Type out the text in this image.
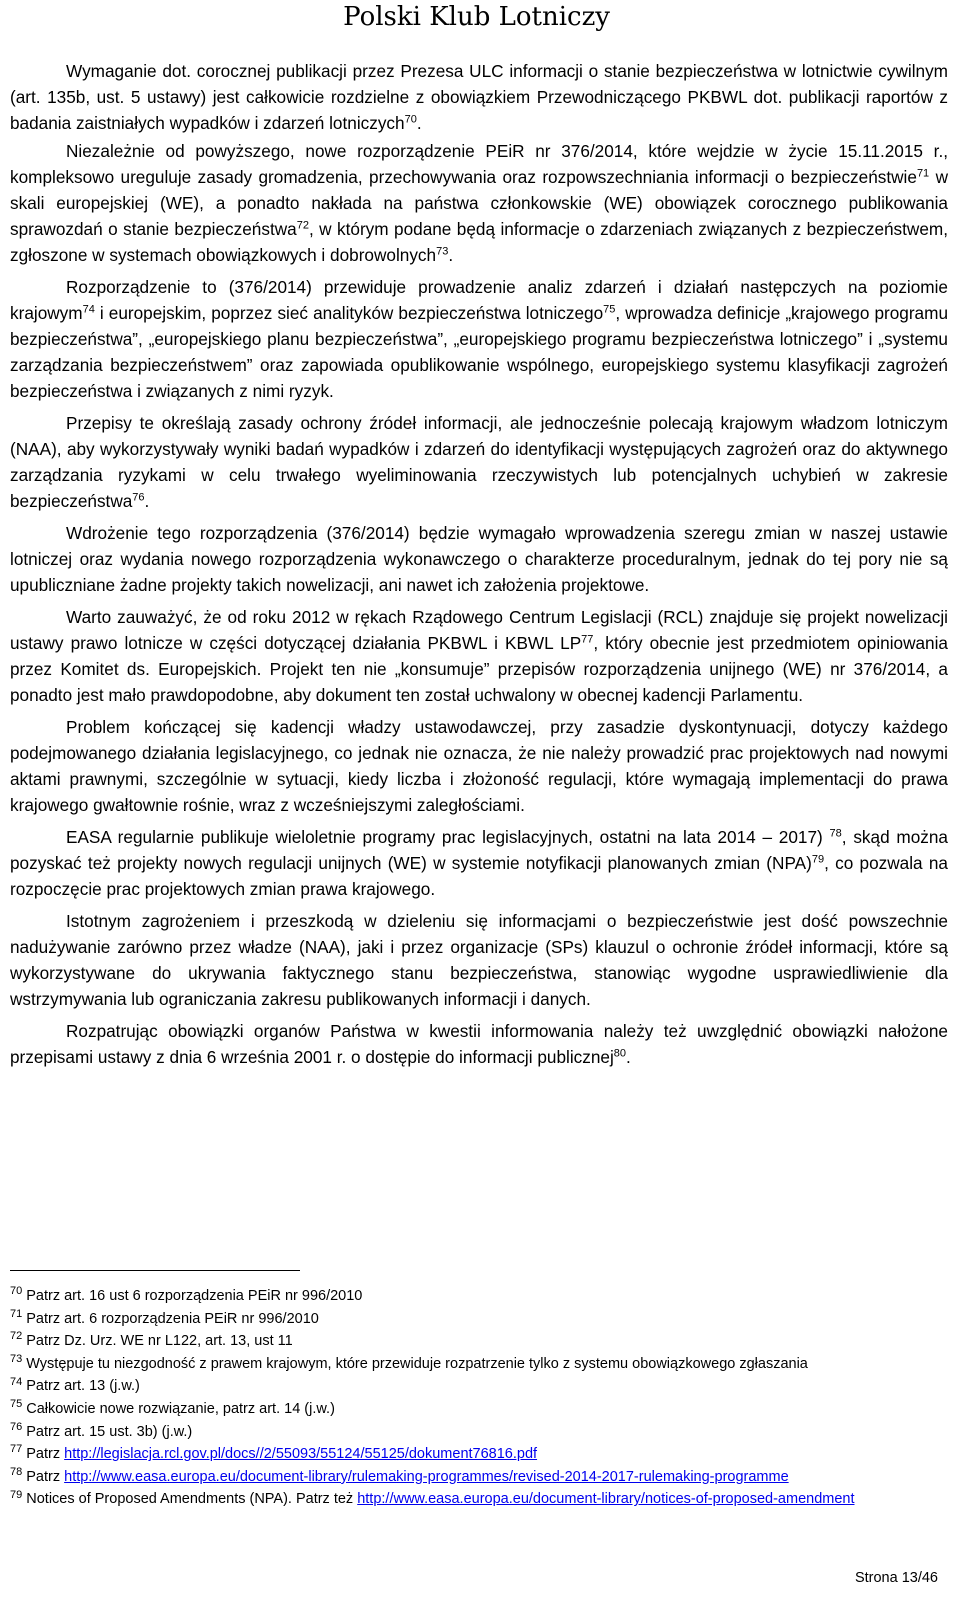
Polski Klub Lotniczy

Wymaganie dot. corocznej publikacji przez Prezesa ULC informacji o stanie bezpieczeństwa w lotnictwie cywilnym (art. 135b, ust. 5 ustawy) jest całkowicie rozdzielne z obowiązkiem Przewodniczącego PKBWL dot. publikacji raportów z badania zaistniałych wypadków i zdarzeń lotniczych$^{70}$.

Niezależnie od powyższego, nowe rozporządzenie PEiR nr 376/2014, które wejdzie w życie 15.11.2015 r., kompleksowo ureguluje zasady gromadzenia, przechowywania oraz rozpowszechniania informacji o bezpieczeństwie$^{71}$ w skali europejskiej (WE), a ponadto nakłada na państwa członkowskie (WE) obowiązek corocznego publikowania sprawozdań o stanie bezpieczeństwa$^{72}$, w którym podane będą informacje o zdarzeniach związanych z bezpieczeństwem, zgłoszone w systemach obowiązkowych i dobrowolnych$^{73}$.

Rozporządzenie to (376/2014) przewiduje prowadzenie analiz zdarzeń i działań następczych na poziomie krajowym$^{74}$ i europejskim, poprzez sieć analityków bezpieczeństwa lotniczego$^{75}$, wprowadza definicje „krajowego programu bezpieczeństwa”, „europejskiego planu bezpieczeństwa”, „europejskiego programu bezpieczeństwa lotniczego” i „systemu zarządzania bezpieczeństwem” oraz zapowiada opublikowanie wspólnego, europejskiego systemu klasyfikacji zagrożeń bezpieczeństwa i związanych z nimi ryzyk.

Przepisy te określają zasady ochrony źródeł informacji, ale jednocześnie polecają krajowym władzom lotniczym (NAA), aby wykorzystywały wyniki badań wypadków i zdarzeń do identyfikacji występujących zagrożeń oraz do aktywnego zarządzania ryzykami w celu trwałego wyeliminowania rzeczywistych lub potencjalnych uchybień w zakresie bezpieczeństwa$^{76}$.

Wdrożenie tego rozporządzenia (376/2014) będzie wymagało wprowadzenia szeregu zmian w naszej ustawie lotniczej oraz wydania nowego rozporządzenia wykonawczego o charakterze proceduralnym, jednak do tej pory nie są upubliczniane żadne projekty takich nowelizacji, ani nawet ich założenia projektowe.

Warto zauważyć, że od roku 2012 w rękach Rządowego Centrum Legislacji (RCL) znajduje się projekt nowelizacji ustawy prawo lotnicze w części dotyczącej działania PKBWL i KBWL LP$^{77}$, który obecnie jest przedmiotem opiniowania przez Komitet ds. Europejskich. Projekt ten nie „konsumuje” przepisów rozporządzenia unijnego (WE) nr 376/2014, a ponadto jest mało prawdopodobne, aby dokument ten został uchwalony w obecnej kadencji Parlamentu.

Problem kończącej się kadencji władzy ustawodawczej, przy zasadzie dyskontynuacji, dotyczy każdego podejmowanego działania legislacyjnego, co jednak nie oznacza, że nie należy prowadzić prac projektowych nad nowymi aktami prawnymi, szczególnie w sytuacji, kiedy liczba i złożoność regulacji, które wymagają implementacji do prawa krajowego gwałtownie rośnie, wraz z wcześniejszymi zaległościami.

EASA regularnie publikuje wieloletnie programy prac legislacyjnych, ostatni na lata 2014 – 2017) $^{78}$, skąd można pozyskać też projekty nowych regulacji unijnych (WE) w systemie notyfikacji planowanych zmian (NPA)$^{79}$, co pozwala na rozpoczęcie prac projektowych zmian prawa krajowego.

Istotnym zagrożeniem i przeszkodą w dzieleniu się informacjami o bezpieczeństwie jest dość powszechnie nadużywanie zarówno przez władze (NAA), jaki i przez organizacje (SPs) klauzul o ochronie źródeł informacji, które są wykorzystywane do ukrywania faktycznego stanu bezpieczeństwa, stanowiąc wygodne usprawiedliwienie dla wstrzymywania lub ograniczania zakresu publikowanych informacji i danych.

Rozpatrując obowiązki organów Państwa w kwestii informowania należy też uwzględnić obowiązki nałożone przepisami ustawy z dnia 6 września 2001 r. o dostępie do informacji publicznej$^{80}$.

$^{70}$ Patrz art. 16 ust 6 rozporządzenia PEiR nr 996/2010
$^{71}$ Patrz art. 6 rozporządzenia PEiR nr 996/2010
$^{72}$ Patrz Dz. Urz. WE nr L122, art. 13, ust 11
$^{73}$ Występuje tu niezgodność z prawem krajowym, które przewiduje rozpatrzenie tylko z systemu obowiązkowego zgłaszania
$^{74}$ Patrz art. 13 (j.w.)
$^{75}$ Całkowicie nowe rozwiązanie, patrz art. 14 (j.w.)
$^{76}$ Patrz art. 15 ust. 3b) (j.w.)
$^{77}$ Patrz http://legislacja.rcl.gov.pl/docs//2/55093/55124/55125/dokument76816.pdf
$^{78}$ Patrz http://www.easa.europa.eu/document-library/rulemaking-programmes/revised-2014-2017-rulemaking-programme
$^{79}$ Notices of Proposed Amendments (NPA). Patrz też http://www.easa.europa.eu/document-library/notices-of-proposed-amendment
Strona 13/46
